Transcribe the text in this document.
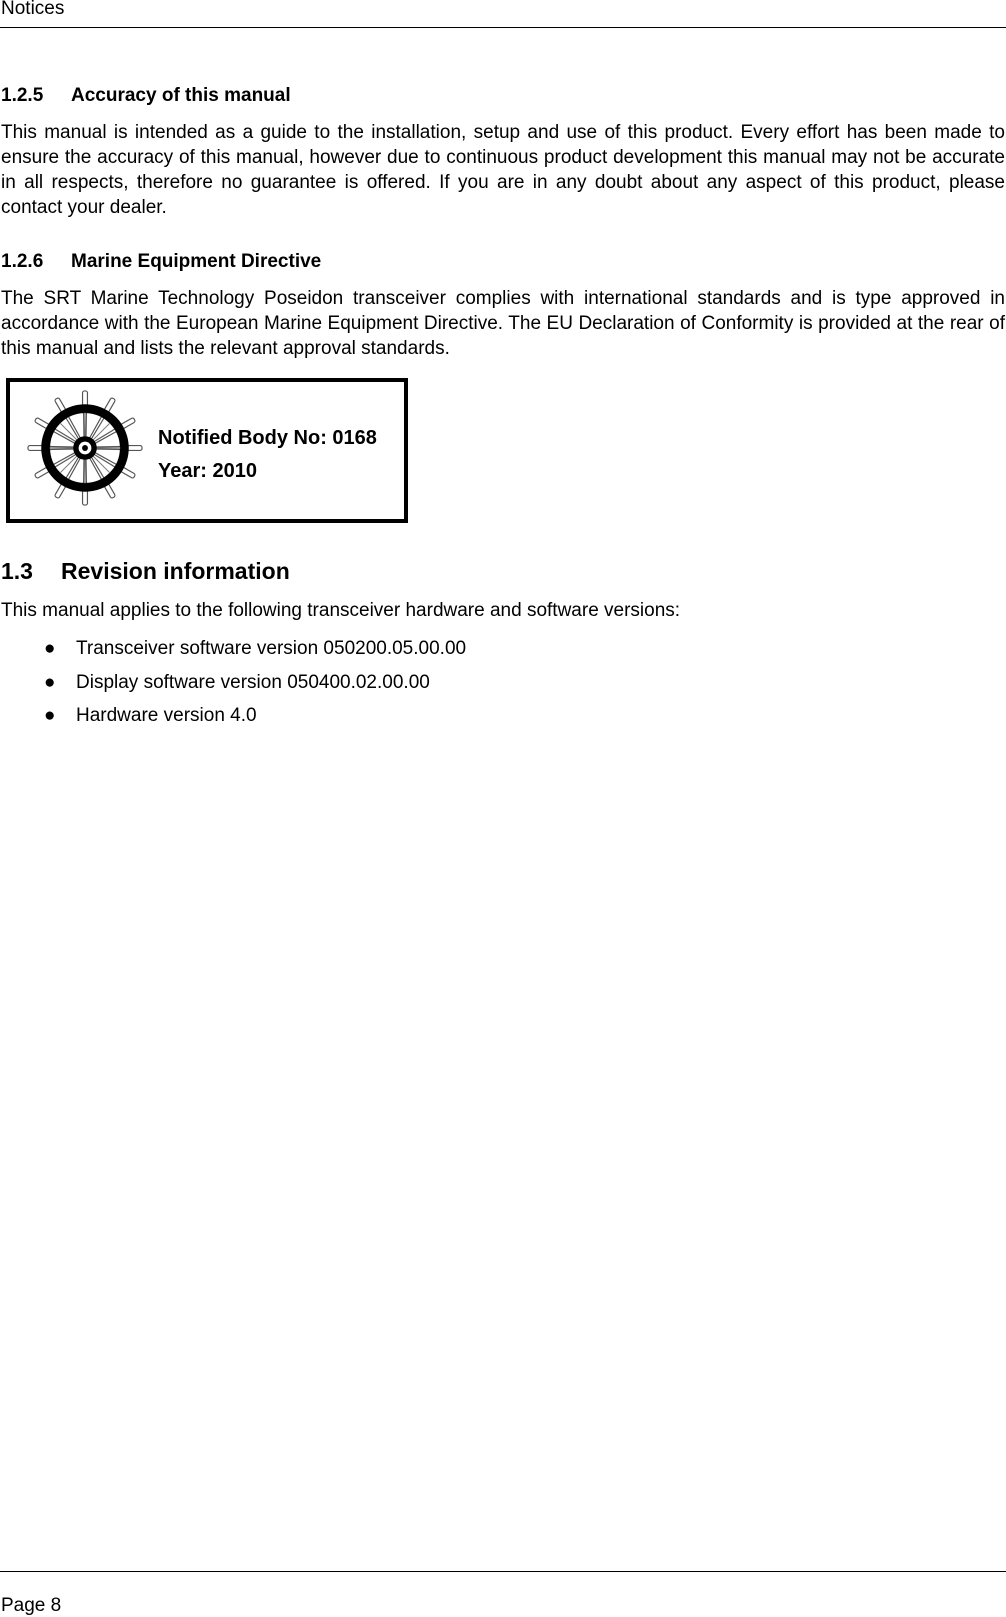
Notices
1.2.5	Accuracy of this manual

This manual is intended as a guide to the installation, setup and use of this product. Every effort has been made to ensure the accuracy of this manual, however due to continuous product development this manual may not be accurate in all respects, therefore no guarantee is offered. If you are in any doubt about any aspect of this product, please contact your dealer.

1.2.6	Marine Equipment Directive

The SRT Marine Technology Poseidon transceiver complies with international standards and is type approved in accordance with the European Marine Equipment Directive. The EU Declaration of Conformity is provided at the rear of this manual and lists the relevant approval standards.

Notified Body No: 0168
Year: 2010
1.3	Revision information
This manual applies to the following transceiver hardware and software versions:
●	Transceiver software version 050200.05.00.00
●	Display software version 050400.02.00.00
●	Hardware version 4.0
Page 8
